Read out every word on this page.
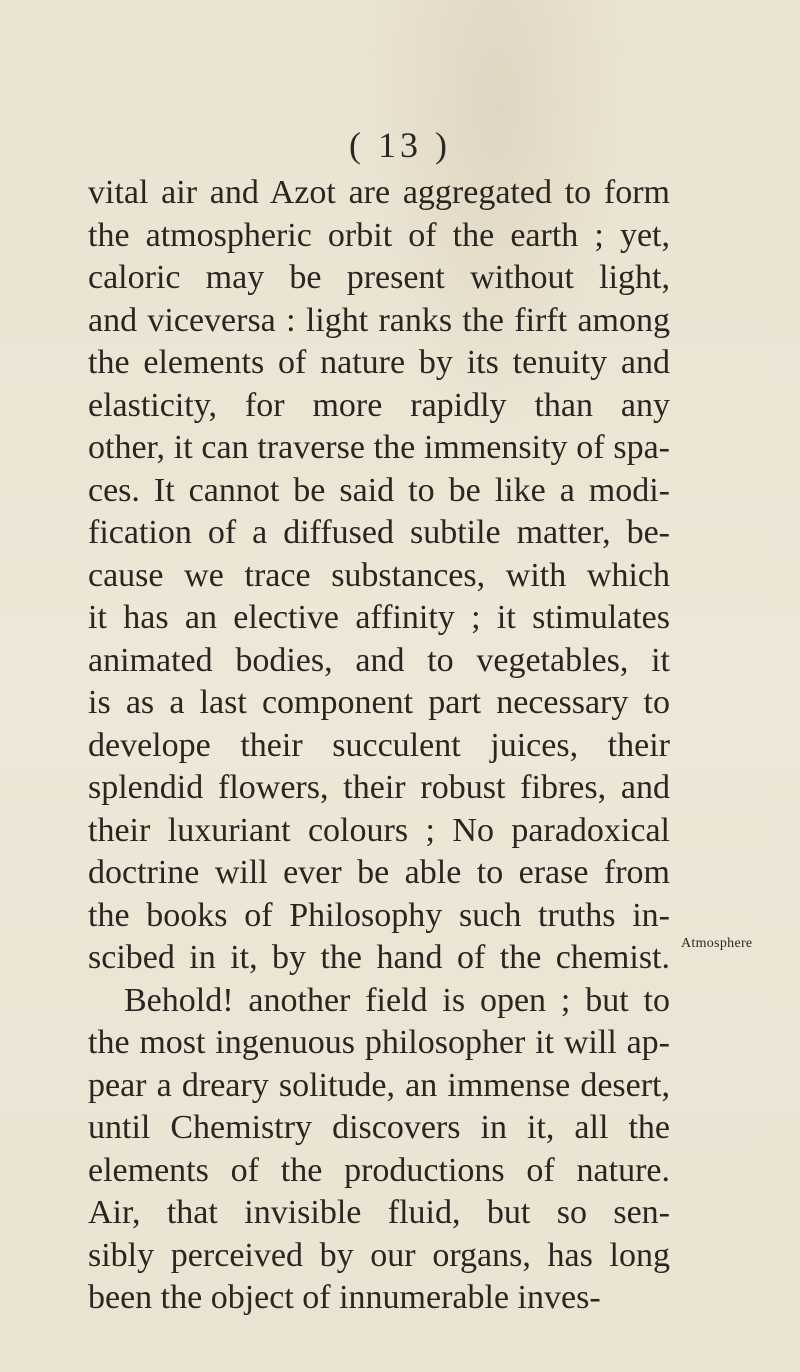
( 13 )
vital air and Azot are aggregated to form
the atmospheric orbit of the earth ; yet,
caloric may be present without light,
and viceversa : light ranks the firft among
the elements of nature by its tenuity and
elasticity, for more rapidly than any
other, it can traverse the immensity of spa-
ces. It cannot be said to be like a modi-
fication of a diffused subtile matter, be-
cause we trace substances, with which
it has an elective affinity ; it stimulates
animated bodies, and to vegetables, it
is as a last component part necessary to
develope their succulent juices, their
splendid flowers, their robust fibres, and
their luxuriant colours ; No paradoxical
doctrine will ever be able to erase from
the books of Philosophy such truths in-
scibed in it, by the hand of the chemist.
Behold! another field is open ; but to
the most ingenuous philosopher it will ap-
pear a dreary solitude, an immense desert,
until Chemistry discovers in it, all the
elements of the productions of nature.
Air, that invisible fluid, but so sen-
sibly perceived by our organs, has long
been the object of innumerable inves-
Atmosphere
